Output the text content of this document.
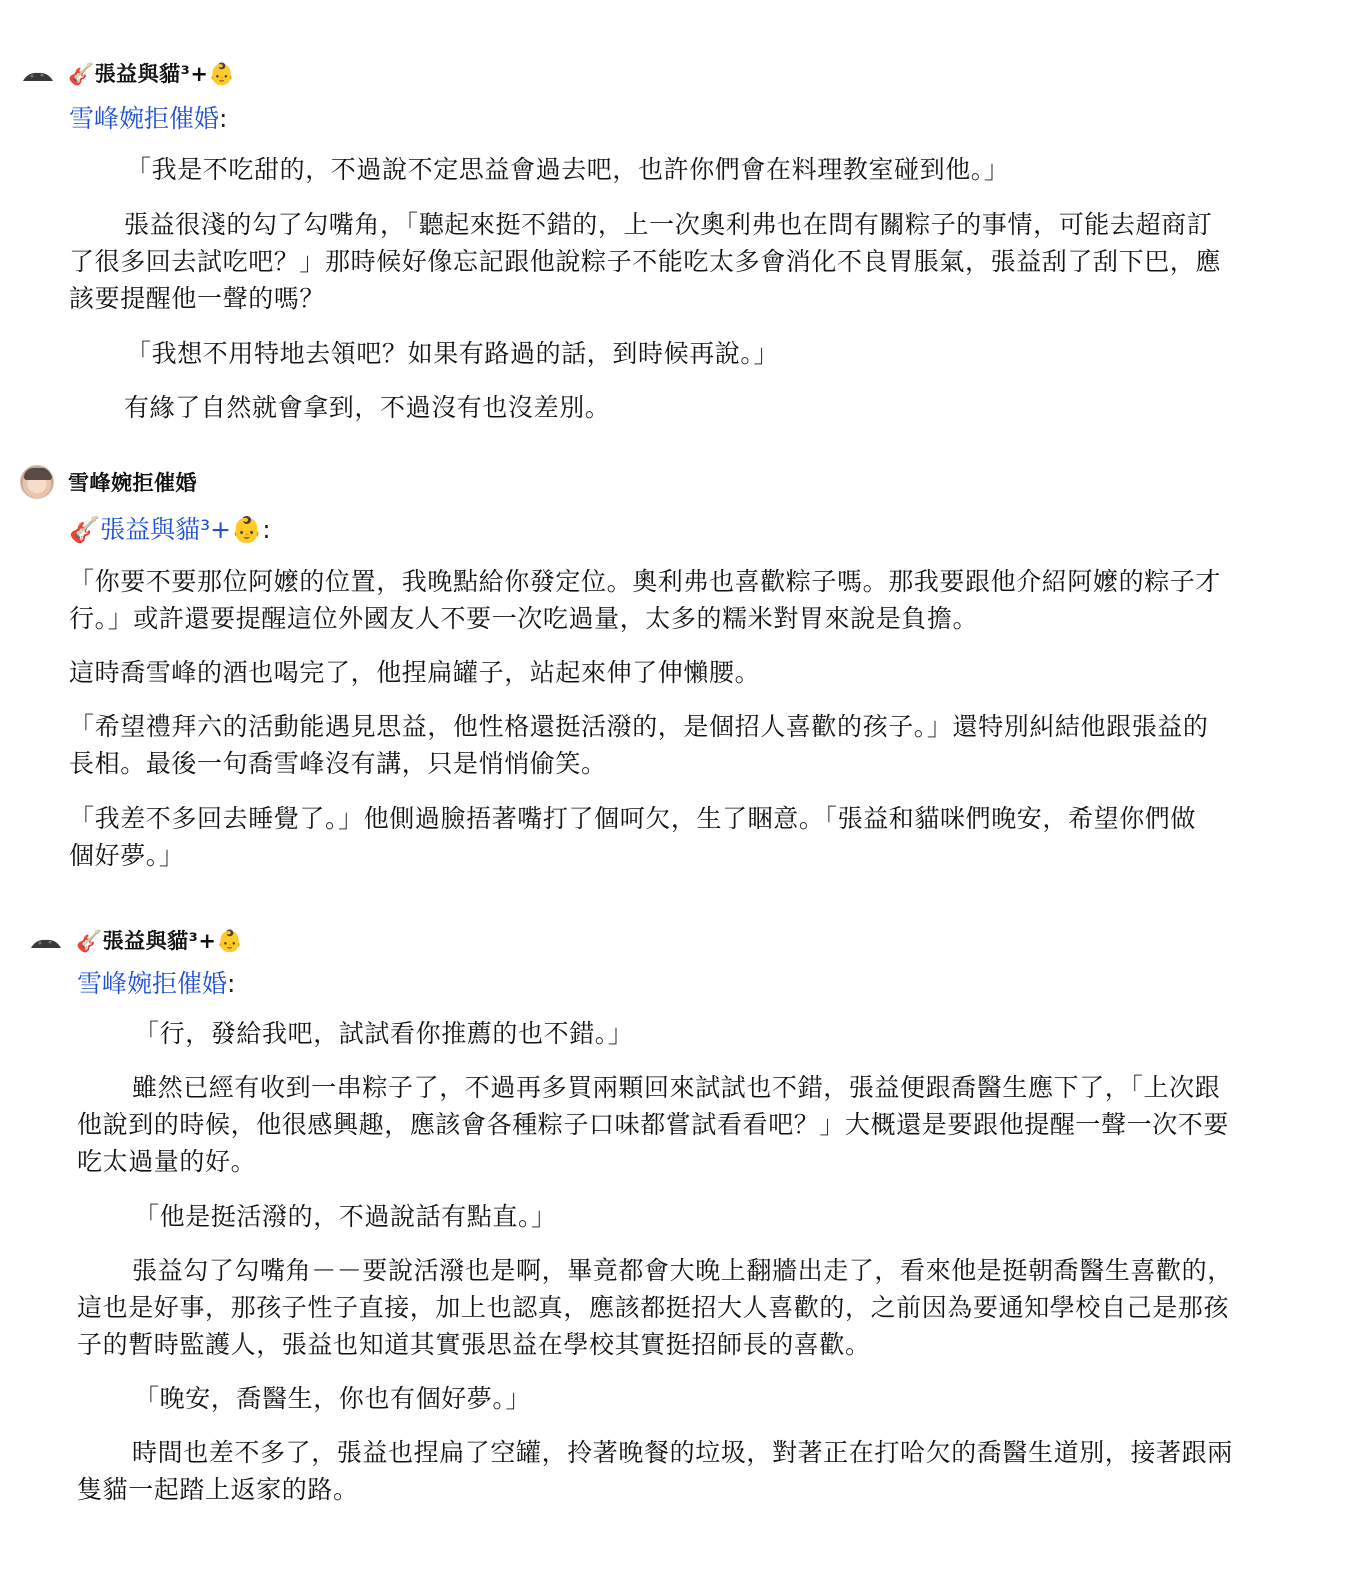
🎸張益與貓³+👶
雪峰婉拒催婚:

「我是不吃甜的，不過說不定思益會過去吧，也許你們會在料理教室碰到他。」

張益很淺的勾了勾嘴角，「聽起來挺不錯的，上一次奧利弗也在問有關粽子的事情，可能去超商訂

了很多回去試吃吧？」那時候好像忘記跟他說粽子不能吃太多會消化不良胃脹氣，張益刮了刮下巴，應

該要提醒他一聲的嗎？

「我想不用特地去領吧？如果有路過的話，到時候再說。」

有緣了自然就會拿到，不過沒有也沒差別。

雪峰婉拒催婚
🎸張益與貓³+👶:

「你要不要那位阿嬤的位置，我晚點給你發定位。奧利弗也喜歡粽子嗎。那我要跟他介紹阿嬤的粽子才

行。」或許還要提醒這位外國友人不要一次吃過量，太多的糯米對胃來說是負擔。

這時喬雪峰的酒也喝完了，他捏扁罐子，站起來伸了伸懶腰。

「希望禮拜六的活動能遇見思益，他性格還挺活潑的，是個招人喜歡的孩子。」還特別糾結他跟張益的

長相。最後一句喬雪峰沒有講，只是悄悄偷笑。

「我差不多回去睡覺了。」他側過臉捂著嘴打了個呵欠，生了睏意。「張益和貓咪們晚安，希望你們做

個好夢。」

🎸張益與貓³+👶
雪峰婉拒催婚:

「行，發給我吧，試試看你推薦的也不錯。」

雖然已經有收到一串粽子了，不過再多買兩顆回來試試也不錯，張益便跟喬醫生應下了，「上次跟

他說到的時候，他很感興趣，應該會各種粽子口味都嘗試看看吧？」大概還是要跟他提醒一聲一次不要

吃太過量的好。

「他是挺活潑的，不過說話有點直。」

張益勾了勾嘴角－－要說活潑也是啊，畢竟都會大晚上翻牆出走了，看來他是挺朝喬醫生喜歡的，

這也是好事，那孩子性子直接，加上也認真，應該都挺招大人喜歡的，之前因為要通知學校自己是那孩

子的暫時監護人，張益也知道其實張思益在學校其實挺招師長的喜歡。

「晚安，喬醫生，你也有個好夢。」

時間也差不多了，張益也捏扁了空罐，拎著晚餐的垃圾，對著正在打哈欠的喬醫生道別，接著跟兩

隻貓一起踏上返家的路。
